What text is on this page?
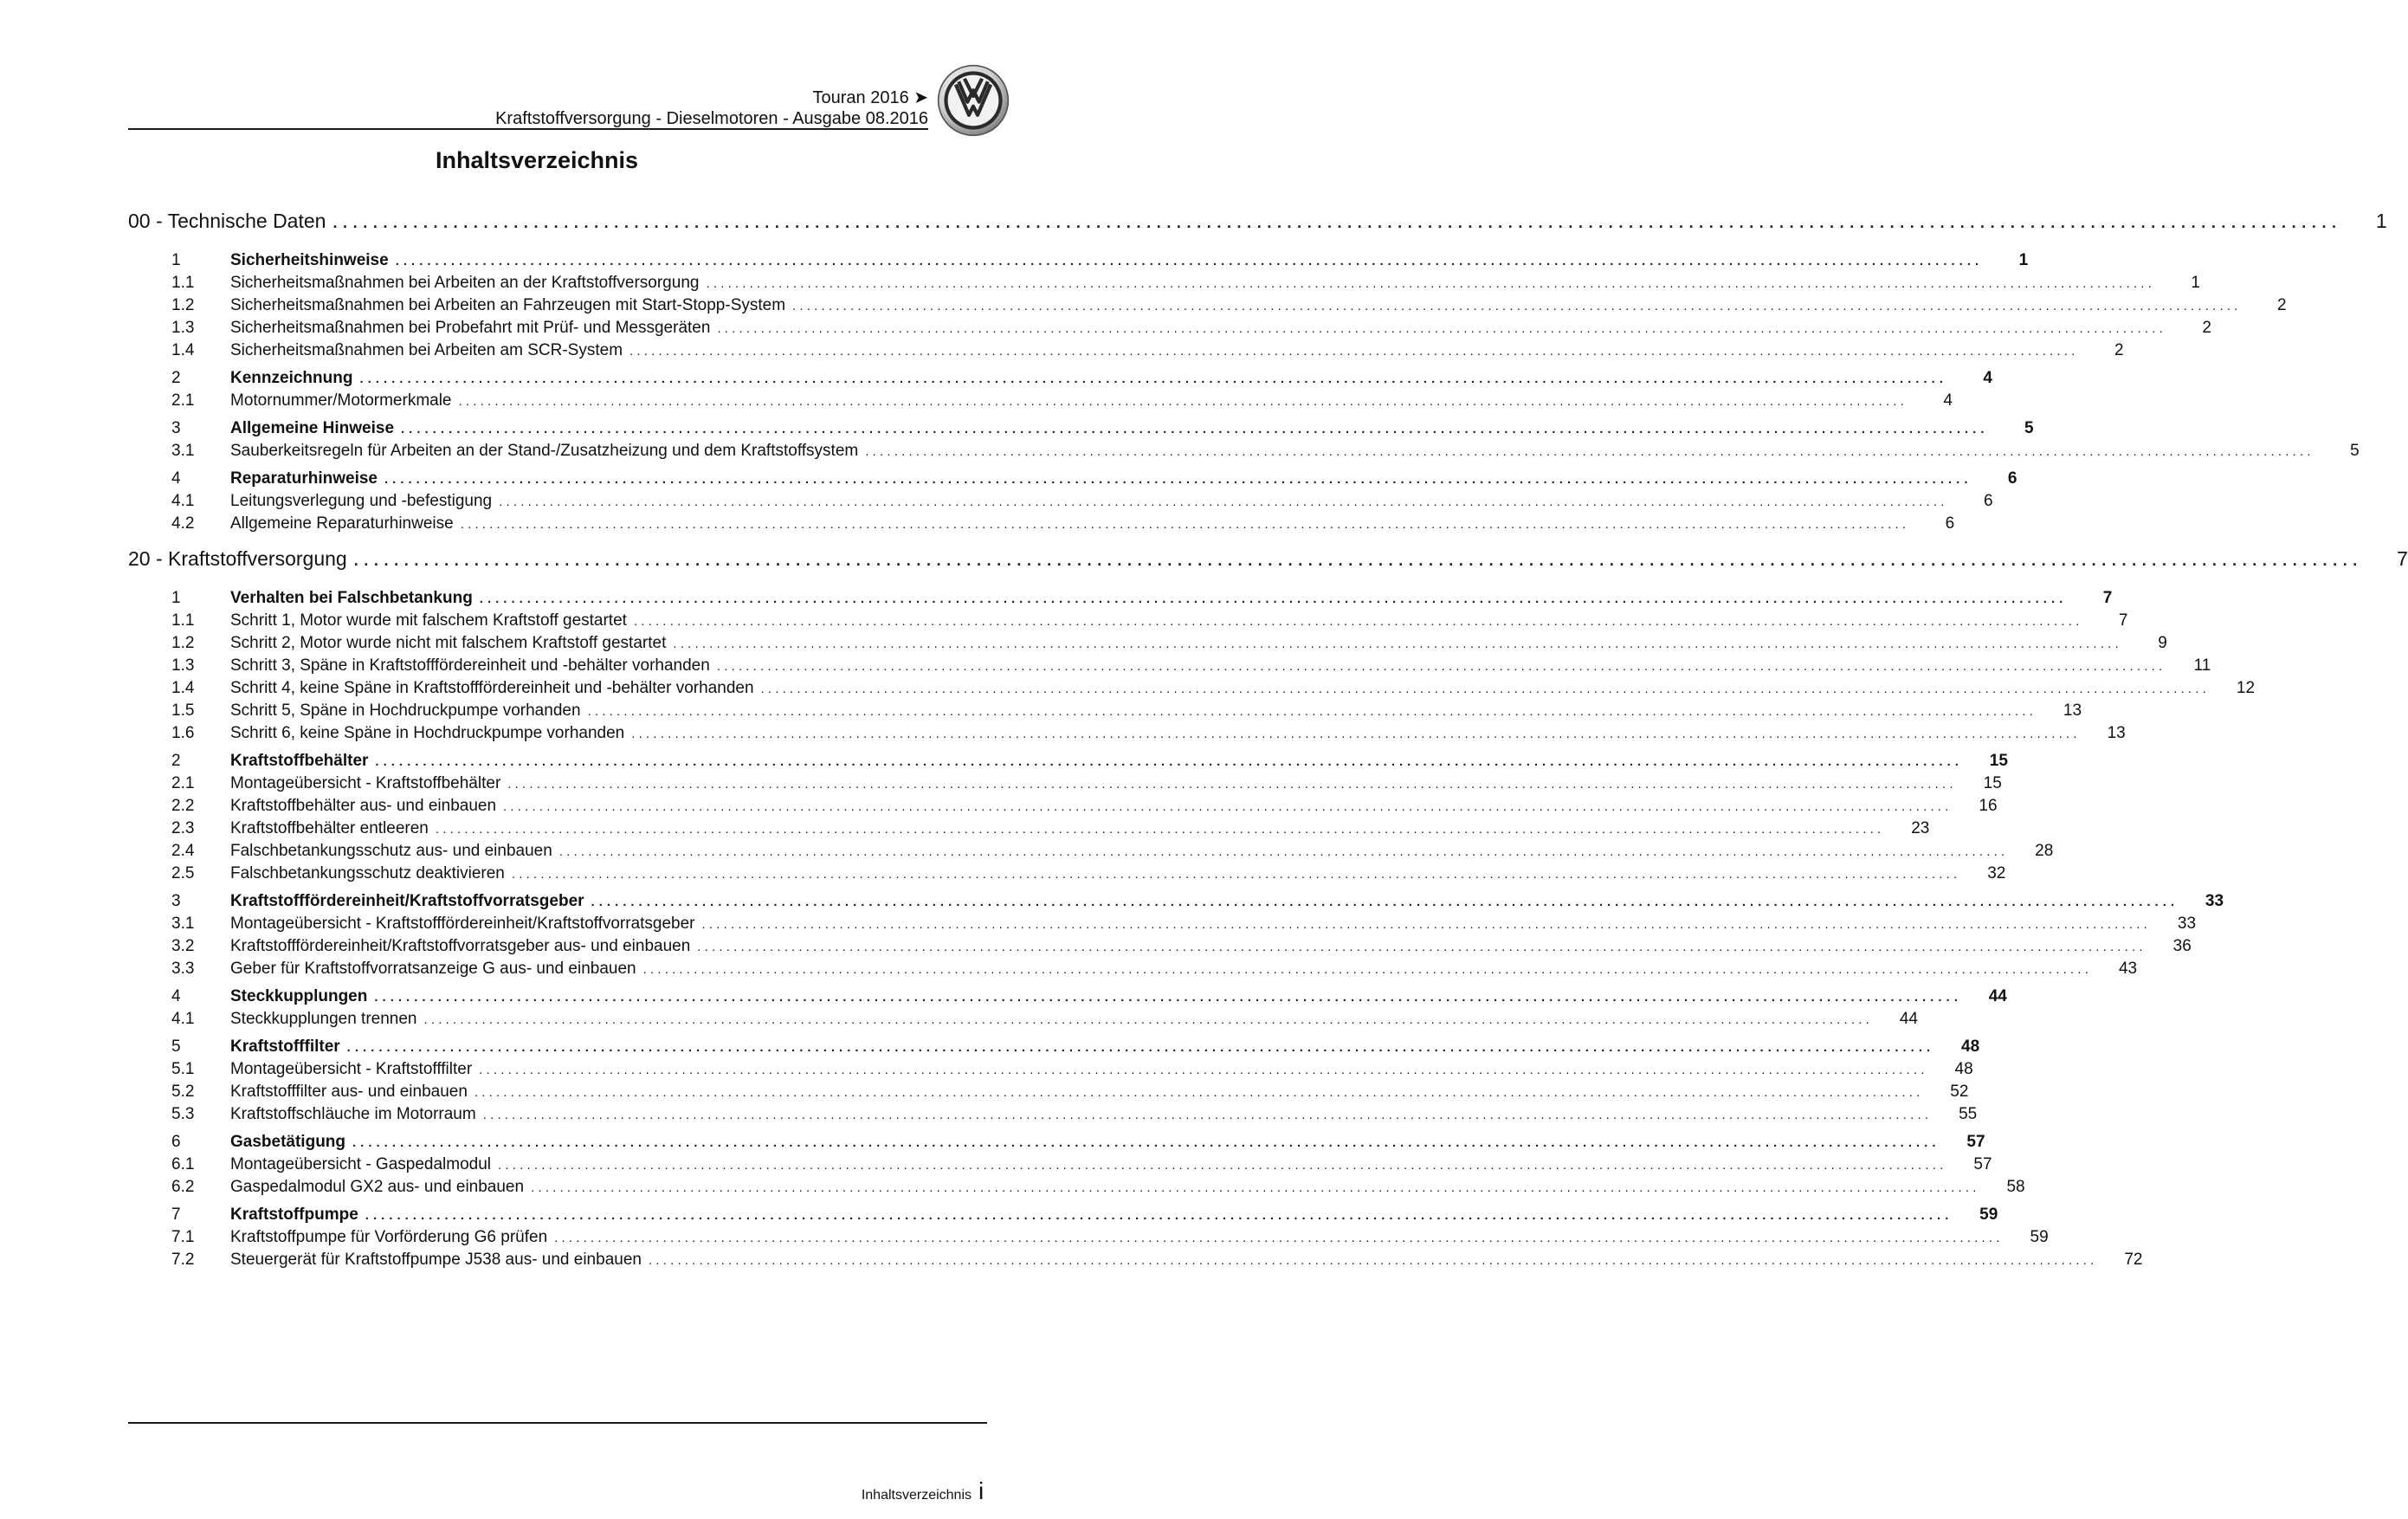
Touran 2016 ➤
Kraftstoffversorgung - Dieselmotoren - Ausgabe 08.2016
Inhaltsverzeichnis
00 - Technische Daten ........................................................................................................................................................................................................	1
1	Sicherheitshinweise ........................................................................................................................................................................................................	1
1.1	Sicherheitsmaßnahmen bei Arbeiten an der Kraftstoffversorgung ........................................................................................................................................................................................................	1
1.2	Sicherheitsmaßnahmen bei Arbeiten an Fahrzeugen mit Start-Stopp-System ........................................................................................................................................................................................................	2
1.3	Sicherheitsmaßnahmen bei Probefahrt mit Prüf- und Messgeräten ........................................................................................................................................................................................................	2
1.4	Sicherheitsmaßnahmen bei Arbeiten am SCR-System ........................................................................................................................................................................................................	2
2	Kennzeichnung ........................................................................................................................................................................................................	4
2.1	Motornummer/Motormerkmale ........................................................................................................................................................................................................	4
3	Allgemeine Hinweise ........................................................................................................................................................................................................	5
3.1	Sauberkeitsregeln für Arbeiten an der Stand-/Zusatzheizung und dem Kraftstoffsystem ........................................................................................................................................................................................................	5
4	Reparaturhinweise ........................................................................................................................................................................................................	6
4.1	Leitungsverlegung und -befestigung ........................................................................................................................................................................................................	6
4.2	Allgemeine Reparaturhinweise ........................................................................................................................................................................................................	6
20 - Kraftstoffversorgung ........................................................................................................................................................................................................	7
1	Verhalten bei Falschbetankung ........................................................................................................................................................................................................	7
1.1	Schritt 1, Motor wurde mit falschem Kraftstoff gestartet ........................................................................................................................................................................................................	7
1.2	Schritt 2, Motor wurde nicht mit falschem Kraftstoff gestartet ........................................................................................................................................................................................................	9
1.3	Schritt 3, Späne in Kraftstofffördereinheit und -behälter vorhanden ........................................................................................................................................................................................................	11
1.4	Schritt 4, keine Späne in Kraftstofffördereinheit und -behälter vorhanden ........................................................................................................................................................................................................	12
1.5	Schritt 5, Späne in Hochdruckpumpe vorhanden ........................................................................................................................................................................................................	13
1.6	Schritt 6, keine Späne in Hochdruckpumpe vorhanden ........................................................................................................................................................................................................	13
2	Kraftstoffbehälter ........................................................................................................................................................................................................	15
2.1	Montageübersicht - Kraftstoffbehälter ........................................................................................................................................................................................................	15
2.2	Kraftstoffbehälter aus- und einbauen ........................................................................................................................................................................................................	16
2.3	Kraftstoffbehälter entleeren ........................................................................................................................................................................................................	23
2.4	Falschbetankungsschutz aus- und einbauen ........................................................................................................................................................................................................	28
2.5	Falschbetankungsschutz deaktivieren ........................................................................................................................................................................................................	32
3	Kraftstofffördereinheit/Kraftstoffvorratsgeber ........................................................................................................................................................................................................	33
3.1	Montageübersicht - Kraftstofffördereinheit/Kraftstoffvorratsgeber ........................................................................................................................................................................................................	33
3.2	Kraftstofffördereinheit/Kraftstoffvorratsgeber aus- und einbauen ........................................................................................................................................................................................................	36
3.3	Geber für Kraftstoffvorratsanzeige G aus- und einbauen ........................................................................................................................................................................................................	43
4	Steckkupplungen ........................................................................................................................................................................................................	44
4.1	Steckkupplungen trennen ........................................................................................................................................................................................................	44
5	Kraftstofffilter ........................................................................................................................................................................................................	48
5.1	Montageübersicht - Kraftstofffilter ........................................................................................................................................................................................................	48
5.2	Kraftstofffilter aus- und einbauen ........................................................................................................................................................................................................	52
5.3	Kraftstoffschläuche im Motorraum ........................................................................................................................................................................................................	55
6	Gasbetätigung ........................................................................................................................................................................................................	57
6.1	Montageübersicht - Gaspedalmodul ........................................................................................................................................................................................................	57
6.2	Gaspedalmodul GX2 aus- und einbauen ........................................................................................................................................................................................................	58
7	Kraftstoffpumpe ........................................................................................................................................................................................................	59
7.1	Kraftstoffpumpe für Vorförderung G6 prüfen ........................................................................................................................................................................................................	59
7.2	Steuergerät für Kraftstoffpumpe J538 aus- und einbauen ........................................................................................................................................................................................................	72
Inhaltsverzeichnis i
